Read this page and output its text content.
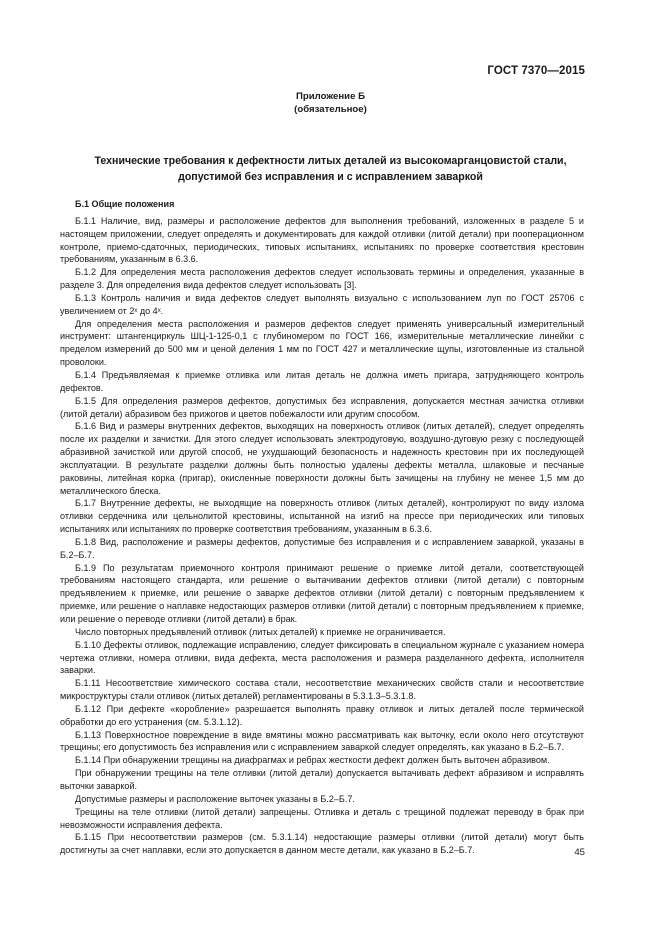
ГОСТ 7370—2015
Приложение Б
(обязательное)
Технические требования к дефектности литых деталей из высокомарганцовистой стали,
допустимой без исправления и с исправлением заваркой

Б.1 Общие положения

Б.1.1 Наличие, вид, размеры и расположение дефектов для выполнения требований, изложенных в разделе 5 и настоящем приложении, следует определять и документировать для каждой отливки (литой детали) при пооперационном контроле, приемо-сдаточных, периодических, типовых испытаниях, испытаниях по проверке соответствия крестовин требованиям, указанным в 6.3.6.

Б.1.2 Для определения места расположения дефектов следует использовать термины и определения, указанные в разделе 3. Для определения вида дефектов следует использовать [3].

Б.1.3 Контроль наличия и вида дефектов следует выполнять визуально с использованием луп по ГОСТ 25706 с увеличением от 2ˣ до 4ˣ.

Для определения места расположения и размеров дефектов следует применять универсальный измерительный инструмент: штангенциркуль ШЦ-1-125-0,1 с глубиномером по ГОСТ 166, измерительные металлические линейки с пределом измерений до 500 мм и ценой деления 1 мм по ГОСТ 427 и металлические щупы, изготовленные из стальной проволоки.

Б.1.4 Предъявляемая к приемке отливка или литая деталь не должна иметь пригара, затрудняющего контроль дефектов.

Б.1.5 Для определения размеров дефектов, допустимых без исправления, допускается местная зачистка отливки (литой детали) абразивом без прижогов и цветов побежалости или другим способом.

Б.1.6 Вид и размеры внутренних дефектов, выходящих на поверхность отливок (литых деталей), следует определять после их разделки и зачистки. Для этого следует использовать электродуговую, воздушно-дуговую резку с последующей абразивной зачисткой или другой способ, не ухудшающий безопасность и надежность крестовин при их последующей эксплуатации. В результате разделки должны быть полностью удалены дефекты металла, шлаковые и песчаные раковины, литейная корка (пригар), окисленные поверхности должны быть зачищены на глубину не менее 1,5 мм до металлического блеска.

Б.1.7 Внутренние дефекты, не выходящие на поверхность отливок (литых деталей), контролируют по виду излома отливки сердечника или цельнолитой крестовины, испытанной на изгиб на прессе при периодических или типовых испытаниях или испытаниях по проверке соответствия требованиям, указанным в 6.3.6.

Б.1.8 Вид, расположение и размеры дефектов, допустимые без исправления и с исправлением заваркой, указаны в Б.2–Б.7.

Б.1.9 По результатам приемочного контроля принимают решение о приемке литой детали, соответствующей требованиям настоящего стандарта, или решение о вытачивании дефектов отливки (литой детали) с повторным предъявлением к приемке, или решение о заварке дефектов отливки (литой детали) с повторным предъявлением к приемке, или решение о наплавке недостающих размеров отливки (литой детали) с повторным предъявлением к приемке, или решение о переводе отливки (литой детали) в брак.

Число повторных предъявлений отливок (литых деталей) к приемке не ограничивается.

Б.1.10 Дефекты отливок, подлежащие исправлению, следует фиксировать в специальном журнале с указанием номера чертежа отливки, номера отливки, вида дефекта, места расположения и размера разделанного дефекта, исполнителя заварки.

Б.1.11 Несоответствие химического состава стали, несоответствие механических свойств стали и несоответствие микроструктуры стали отливок (литых деталей) регламентированы в 5.3.1.3–5.3.1.8.

Б.1.12 При дефекте «коробление» разрешается выполнять правку отливок и литых деталей после термической обработки до его устранения (см. 5.3.1.12).

Б.1.13 Поверхностное повреждение в виде вмятины можно рассматривать как выточку, если около него отсутствуют трещины; его допустимость без исправления или с исправлением заваркой следует определять, как указано в Б.2–Б.7.

Б.1.14 При обнаружении трещины на диафрагмах и ребрах жесткости дефект должен быть выточен абразивом.

При обнаружении трещины на теле отливки (литой детали) допускается вытачивать дефект абразивом и исправлять выточки заваркой.

Допустимые размеры и расположение выточек указаны в Б.2–Б.7.

Трещины на теле отливки (литой детали) запрещены. Отливка и деталь с трещиной подлежат переводу в брак при невозможности исправления дефекта.

Б.1.15 При несоответствии размеров (см. 5.3.1.14) недостающие размеры отливки (литой детали) могут быть достигнуты за счет наплавки, если это допускается в данном месте детали, как указано в Б.2–Б.7.	45
